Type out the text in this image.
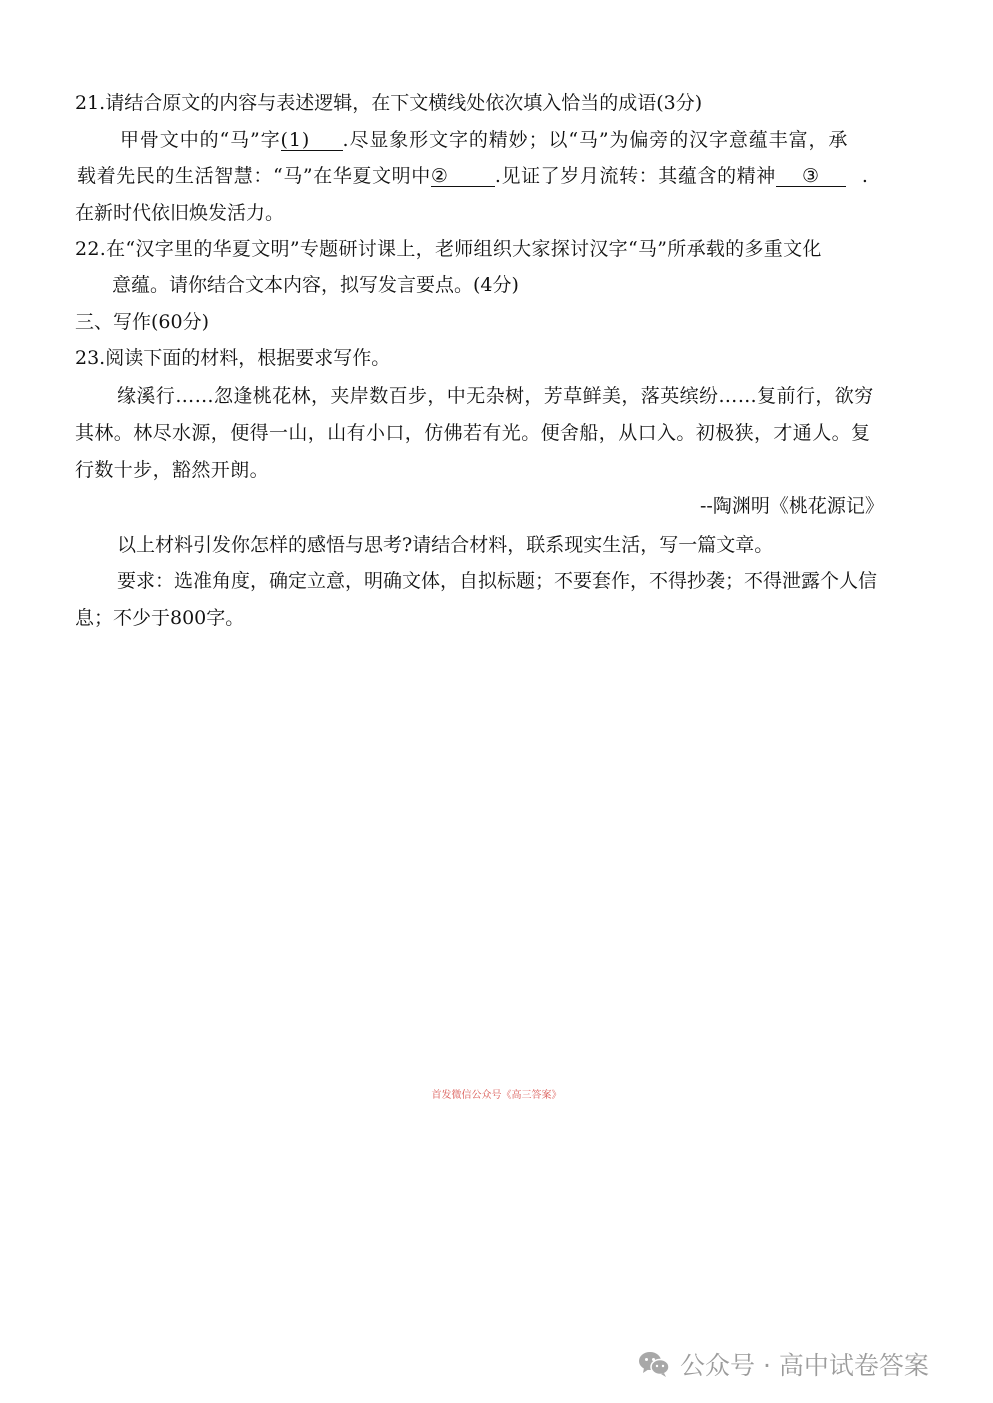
21.请结合原文的内容与表述逻辑，在下文横线处依次填入恰当的成语(3分)
甲骨文中的“马”字(1) .尽显象形文字的精妙；以“马”为偏旁的汉字意蕴丰富，承
载着先民的生活智慧：“马”在华夏文明中② .见证了岁月流转：其蕴含的精神 ③ .
在新时代依旧焕发活力。
22.在“汉字里的华夏文明”专题研讨课上，老师组织大家探讨汉字“马”所承载的多重文化
意蕴。请你结合文本内容，拟写发言要点。(4分)
三、写作(60分)
23.阅读下面的材料，根据要求写作。
缘溪行……忽逢桃花林，夹岸数百步，中无杂树，芳草鲜美，落英缤纷……复前行，欲穷
其林。林尽水源，便得一山，山有小口，仿佛若有光。便舍船，从口入。初极狭，才通人。复
行数十步，豁然开朗。
--陶渊明《桃花源记》
以上材料引发你怎样的感悟与思考?请结合材料，联系现实生活，写一篇文章。
要求：选准角度，确定立意，明确文体，自拟标题；不要套作，不得抄袭；不得泄露个人信
息；不少于800字。
首发微信公众号《高三答案》
公众号 · 高中试卷答案
